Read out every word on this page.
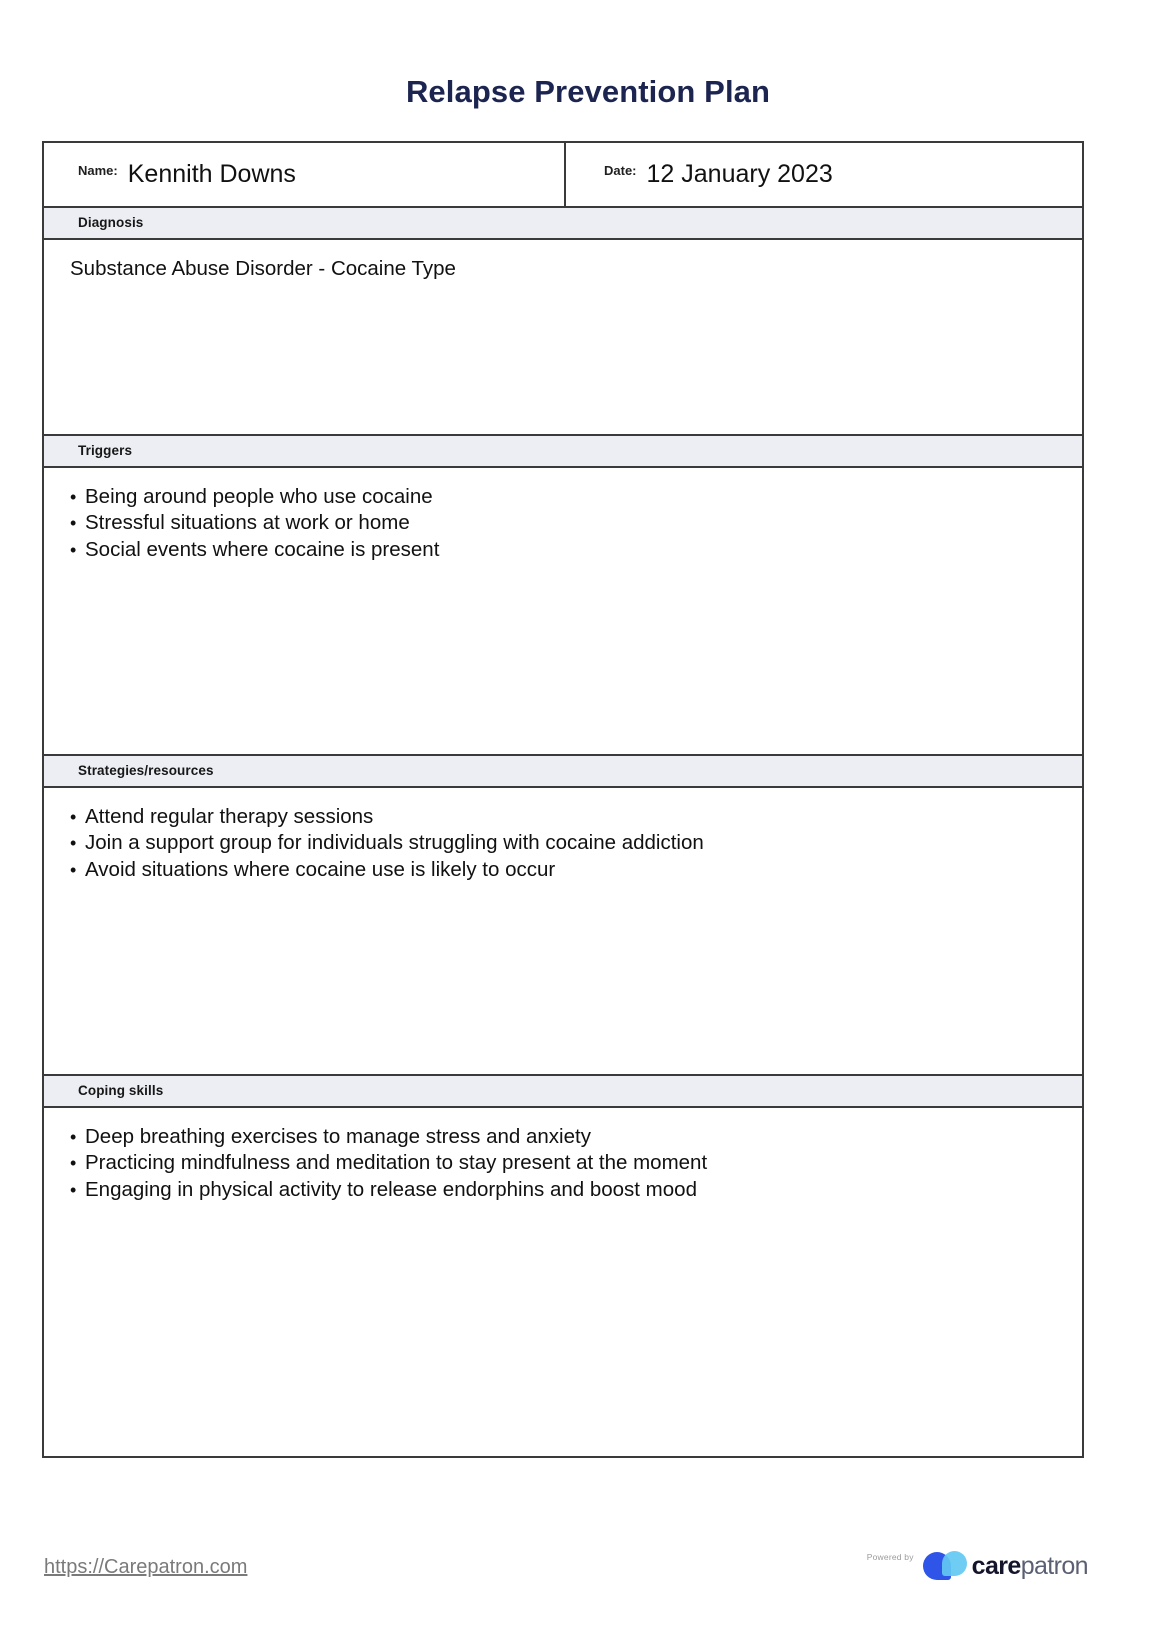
Relapse Prevention Plan
Name: Kennith Downs	Date: 12 January 2023
Diagnosis
Substance Abuse Disorder - Cocaine Type
Triggers
• Being around people who use cocaine
• Stressful situations at work or home
• Social events where cocaine is present
Strategies/resources
• Attend regular therapy sessions
• Join a support group for individuals struggling with cocaine addiction
• Avoid situations where cocaine use is likely to occur
Coping skills
• Deep breathing exercises to manage stress and anxiety
• Practicing mindfulness and meditation to stay present at the moment
• Engaging in physical activity to release endorphins and boost mood
https://Carepatron.com	Powered by carepatron
